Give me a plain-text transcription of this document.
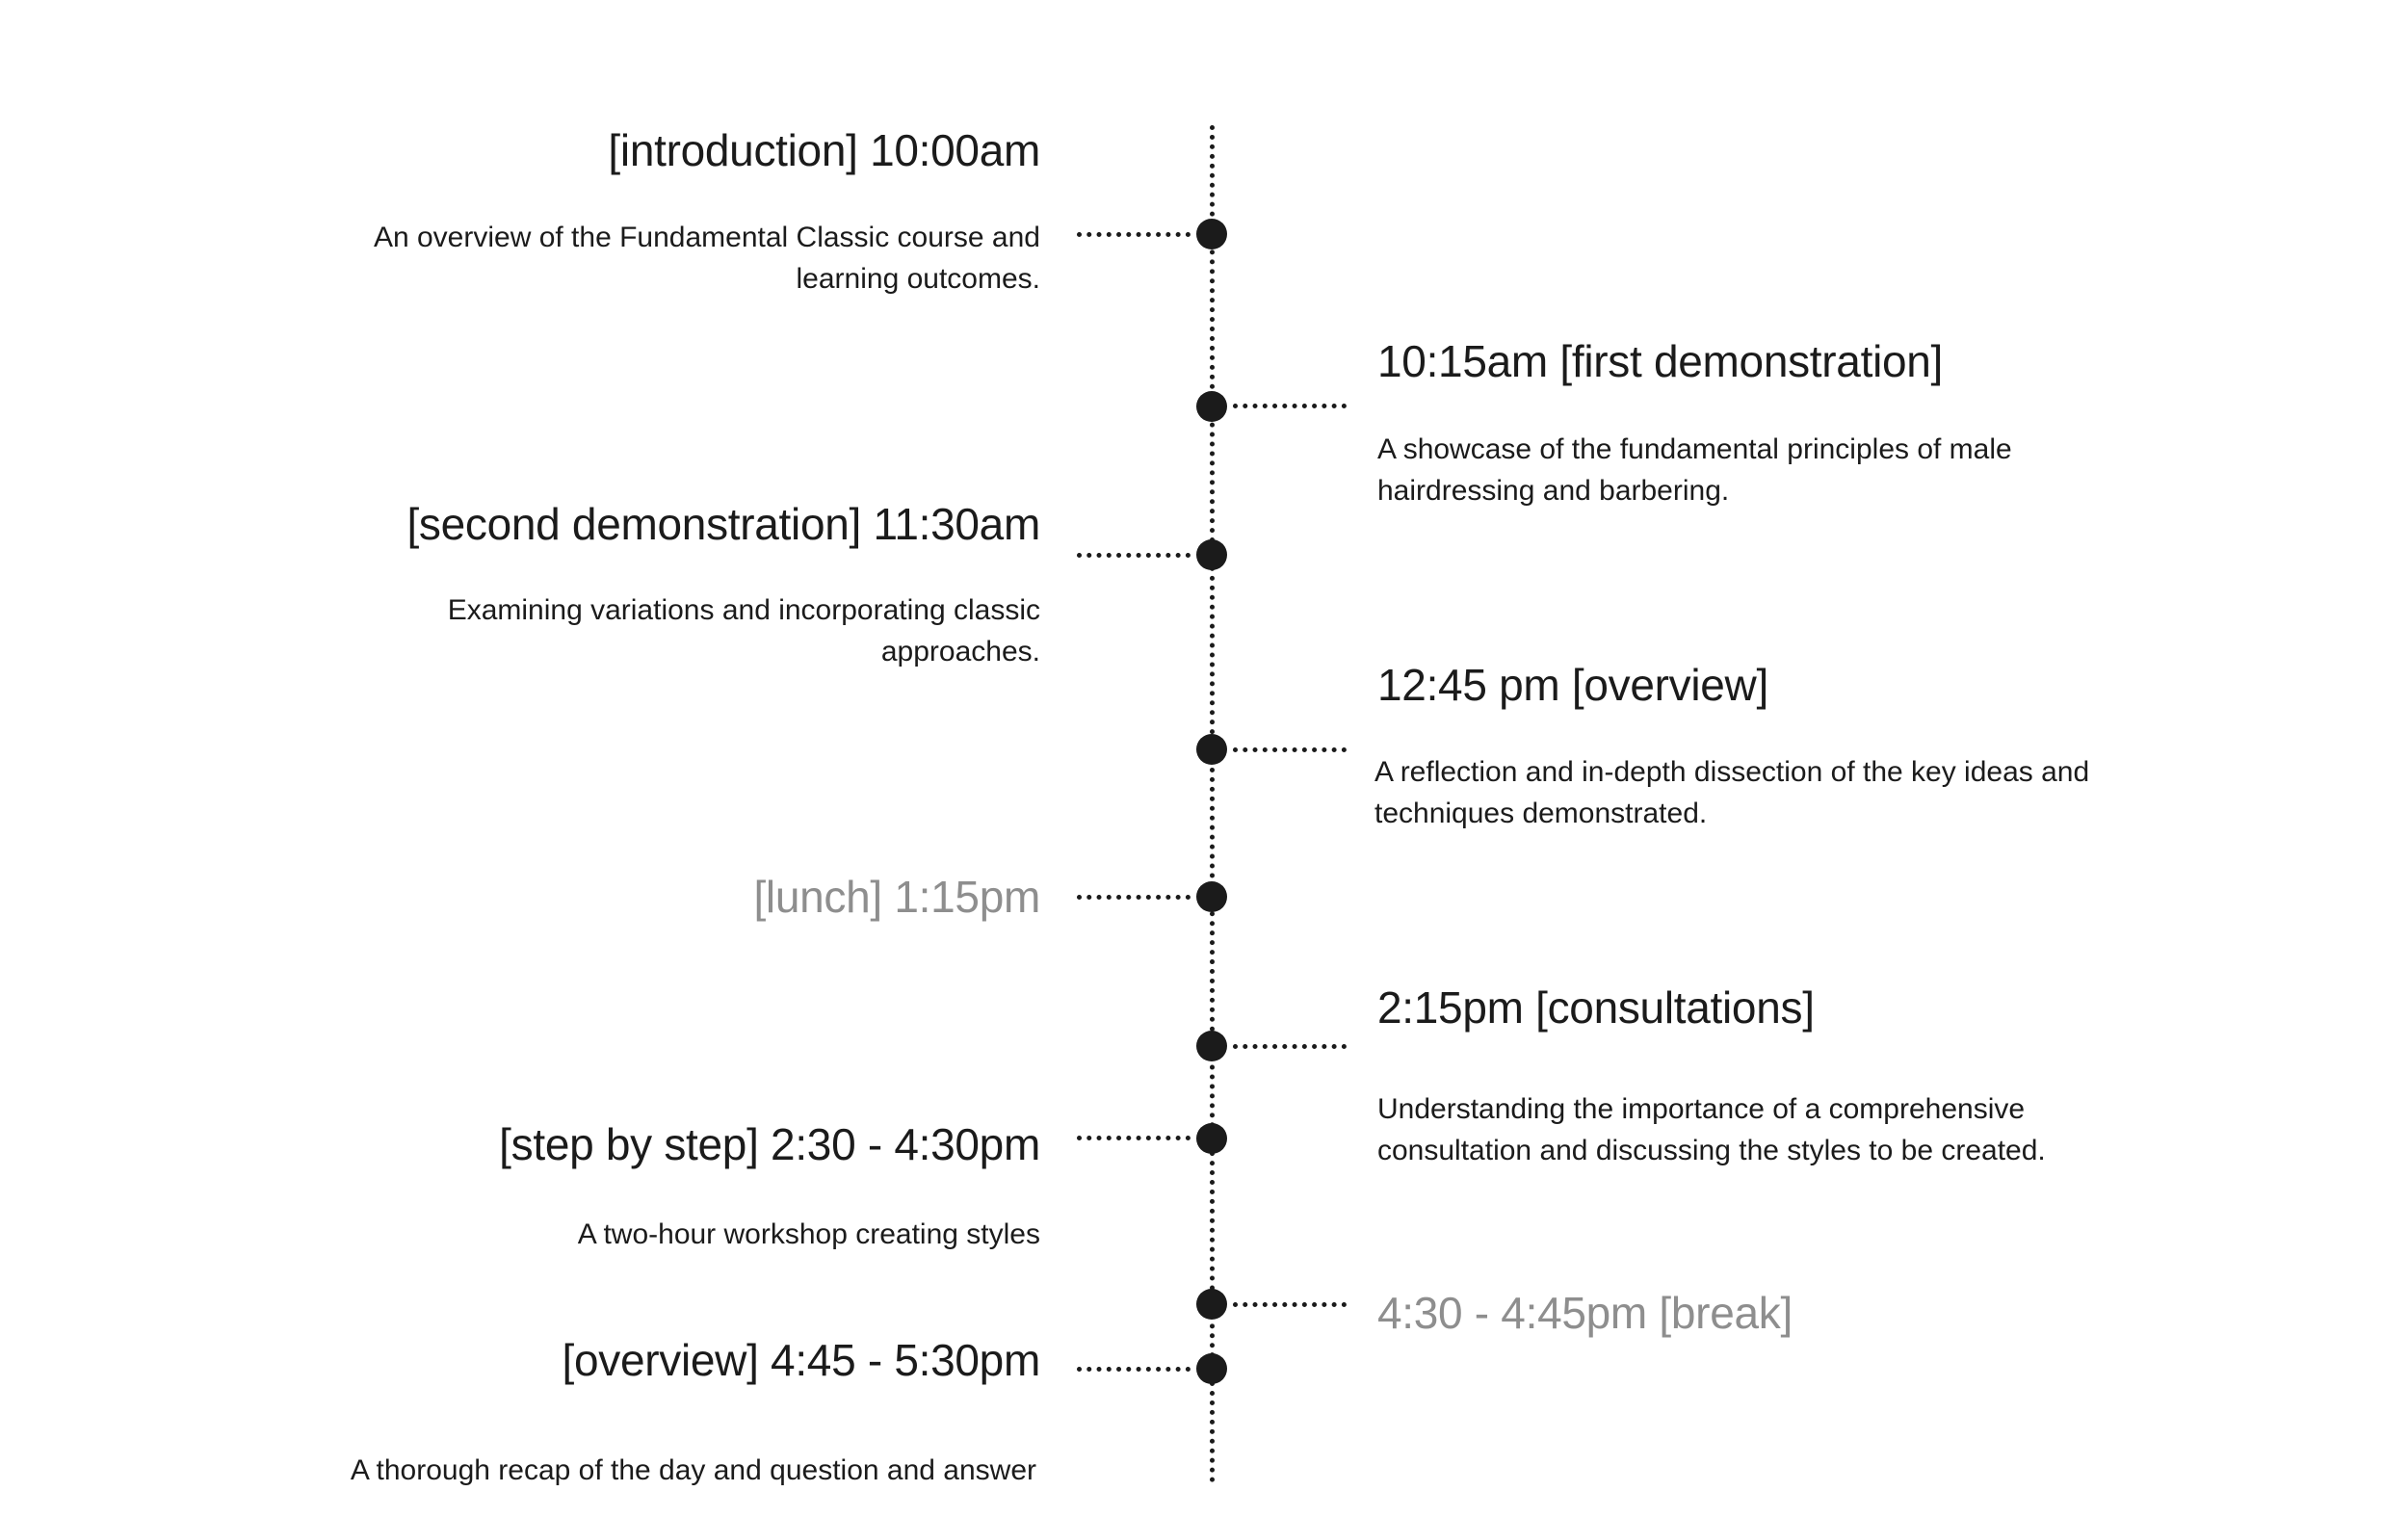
[introduction] 10:00am

An overview of the Fundamental Classic course and

learning outcomes.

10:15am [first demonstration]

A showcase of the fundamental principles of male

hairdressing and barbering.

[second demonstration] 11:30am

Examining variations and incorporating classic

approaches.

12:45 pm [overview]

A reflection and in-depth dissection of the key ideas and

techniques demonstrated.

[lunch] 1:15pm
2:15pm [consultations]

Understanding the importance of a comprehensive

consultation and discussing the styles to be created.

[step by step] 2:30 - 4:30pm

A two-hour workshop creating styles

4:30 - 4:45pm [break]
[overview] 4:45 - 5:30pm

A thorough recap of the day and question and answer
